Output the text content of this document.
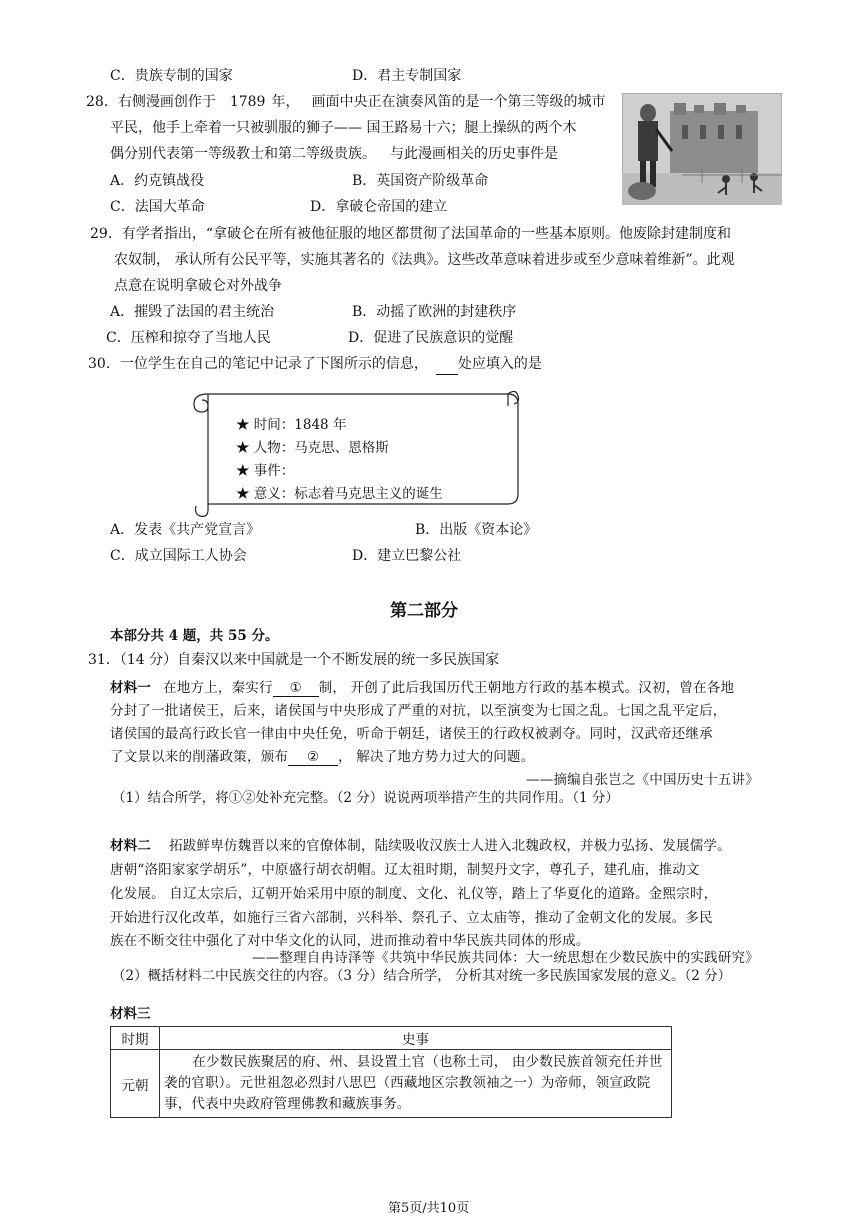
C．贵族专制的国家	D．君主专制国家
28．右侧漫画创作于 1789 年， 画面中央正在演奏风笛的是一个第三等级的城市
平民，他手上牵着一只被驯服的狮子—— 国王路易十六；腿上操纵的两个木
偶分别代表第一等级教士和第二等级贵族。 与此漫画相关的历史事件是
A．约克镇战役	B．英国资产阶级革命
C．法国大革命	D．拿破仑帝国的建立
29．有学者指出，“拿破仑在所有被他征服的地区都贯彻了法国革命的一些基本原则。他废除封建制度和
农奴制， 承认所有公民平等，实施其著名的《法典》。这些改革意味着进步或至少意味着维新”。此观
点意在说明拿破仑对外战争
A．摧毁了法国的君主统治	B．动摇了欧洲的封建秩序
C．压榨和掠夺了当地人民	D．促进了民族意识的觉醒
30．一位学生在自己的笔记中记录了下图所示的信息， 处应填入的是
★ 时间：1848 年
★ 人物：马克思、恩格斯
★ 事件：
★ 意义：标志着马克思主义的诞生
A．发表《共产党宣言》	B．出版《资本论》
C．成立国际工人协会	D．建立巴黎公社
第二部分
本部分共 4 题，共 55 分。
31．（14 分）自秦汉以来中国就是一个不断发展的统一多民族国家
材料一 在地方上，秦实行 ① 制， 开创了此后我国历代王朝地方行政的基本模式。汉初，曾在各地
分封了一批诸侯王，后来，诸侯国与中央形成了严重的对抗，以至演变为七国之乱。七国之乱平定后，
诸侯国的最高行政长官一律由中央任免，听命于朝廷，诸侯王的行政权被剥夺。同时，汉武帝还继承
了文景以来的削藩政策，颁布 ② ， 解决了地方势力过大的问题。
——摘编自张岂之《中国历史十五讲》
（1）结合所学，将①②处补充完整。（2 分）说说两项举措产生的共同作用。（1 分）
材料二 拓跋鲜卑仿魏晋以来的官僚体制，陆续吸收汉族士人进入北魏政权，并极力弘扬、发展儒学。
唐朝“洛阳家家学胡乐”，中原盛行胡衣胡帽。辽太祖时期，制契丹文字，尊孔子，建孔庙，推动文
化发展。 自辽太宗后，辽朝开始采用中原的制度、文化、礼仪等，踏上了华夏化的道路。金熙宗时，
开始进行汉化改革，如施行三省六部制，兴科举、祭孔子、立太庙等，推动了金朝文化的发展。多民
族在不断交往中强化了对中华文化的认同，进而推动着中华民族共同体的形成。
——整理自冉诗泽等《共筑中华民族共同体：大一统思想在少数民族中的实践研究》
（2）概括材料二中民族交往的内容。（3 分）结合所学， 分析其对统一多民族国家发展的意义。（2 分）
材料三
时期	史事
元朝	在少数民族聚居的府、州、县设置土官（也称土司， 由少数民族首领充任并世袭的官职）。元世祖忽必烈封八思巴（西藏地区宗教领袖之一）为帝师，领宣政院事，代表中央政府管理佛教和藏族事务。
第5页/共10页
